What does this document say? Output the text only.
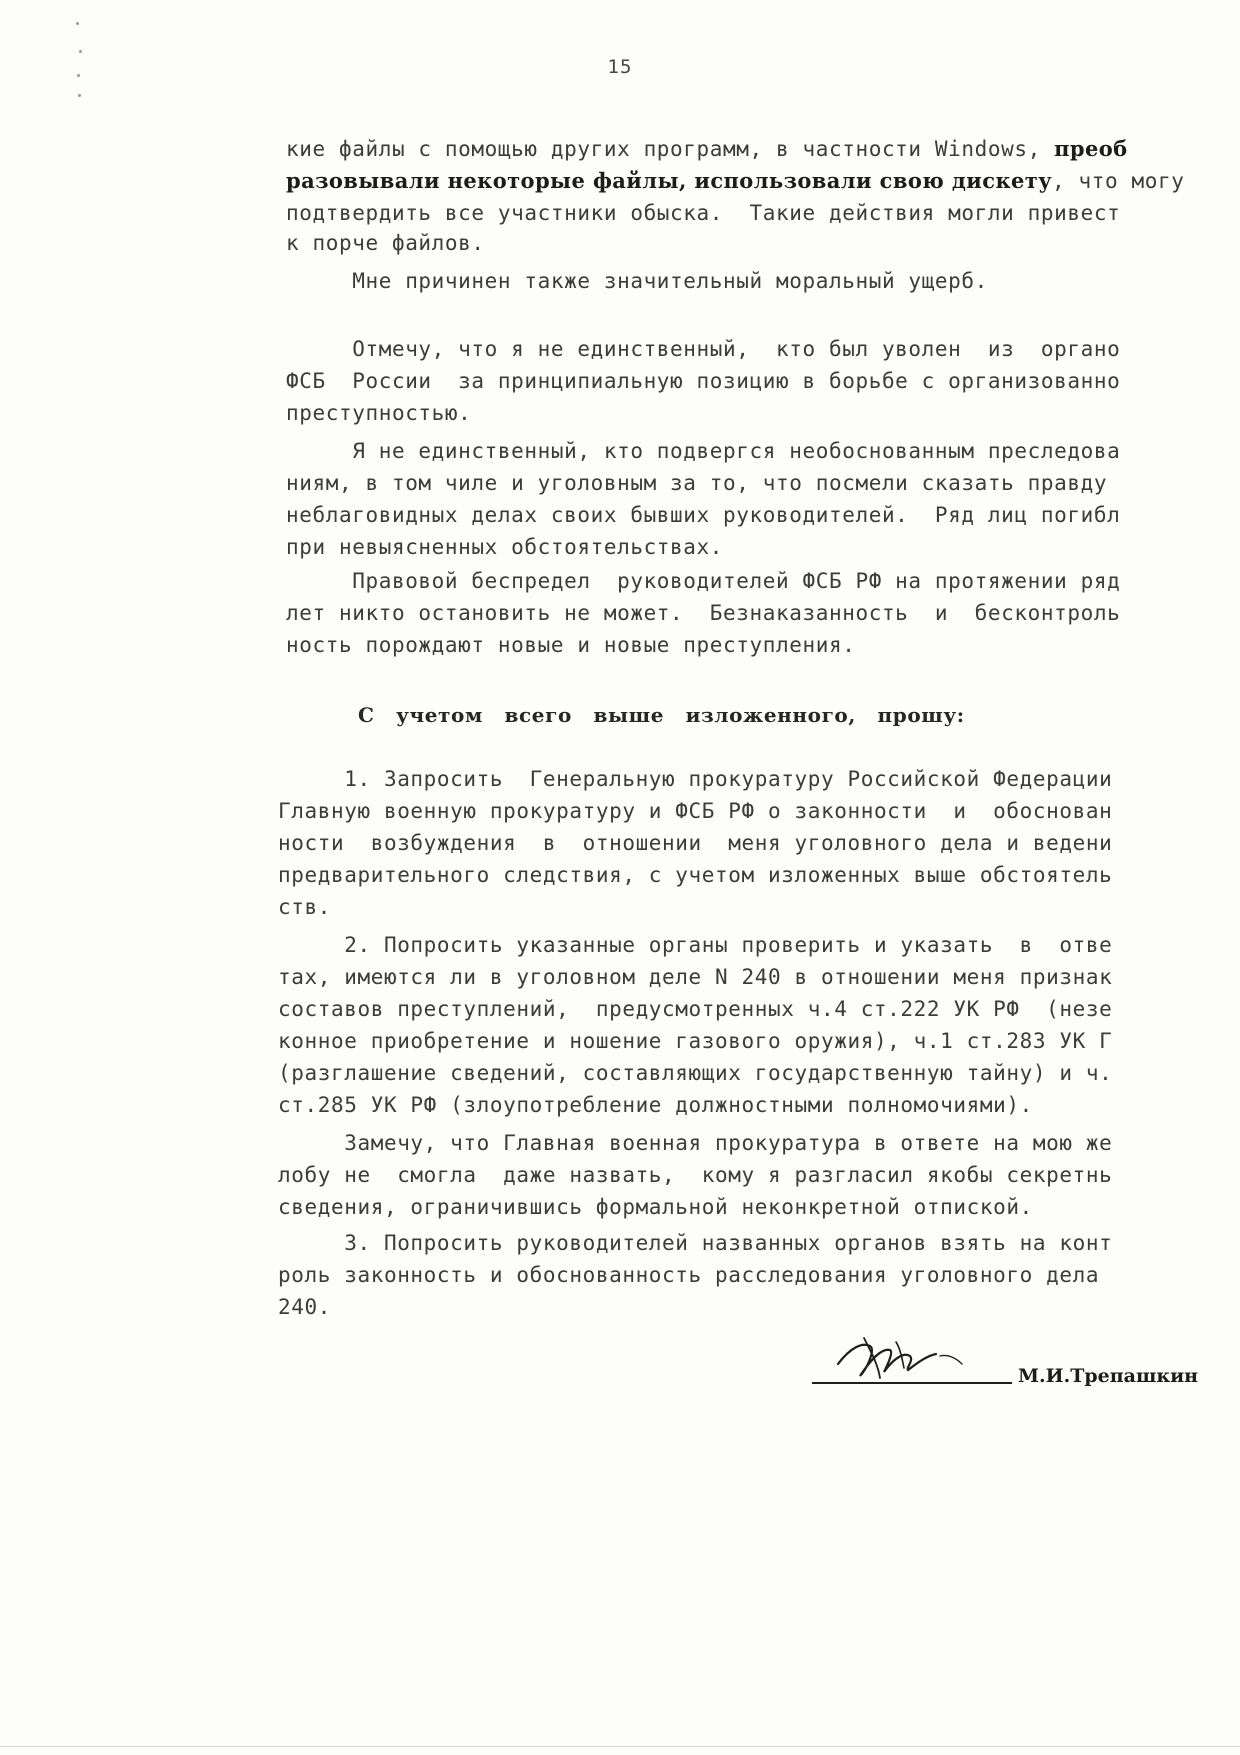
15
кие файлы с помощью других программ, в частности Windows, преоб
разовывали некоторые файлы, использовали свою дискету, что могу
подтвердить все участники обыска.  Такие действия могли привест
к порче файлов.
Мне причинен также значительный моральный ущерб.
Отмечу, что я не единственный,  кто был уволен  из  органо
ФСБ  России  за принципиальную позицию в борьбе с организованно
преступностью.
Я не единственный, кто подвергся необоснованным преследова
ниям, в том чиле и уголовным за то, что посмели сказать правду
неблаговидных делах своих бывших руководителей.  Ряд лиц погибл
при невыясненных обстоятельствах.
Правовой беспредел  руководителей ФСБ РФ на протяжении ряд
лет никто остановить не может.  Безнаказанность  и  бесконтроль
ность порождают новые и новые преступления.
С учетом всего выше изложенного, прошу:
1. Запросить  Генеральную прокуратуру Российской Федерации
Главную военную прокуратуру и ФСБ РФ о законности  и  обоснован
ности  возбуждения  в  отношении  меня уголовного дела и ведени
предварительного следствия, с учетом изложенных выше обстоятель
ств.
2. Попросить указанные органы проверить и указать  в  отве
тах, имеются ли в уголовном деле N 240 в отношении меня признак
составов преступлений,  предусмотренных ч.4 ст.222 УК РФ  (незе
конное приобретение и ношение газового оружия), ч.1 ст.283 УК Г
(разглашение сведений, составляющих государственную тайну) и ч.
ст.285 УК РФ (злоупотребление должностными полномочиями).
Замечу, что Главная военная прокуратура в ответе на мою же
лобу не  смогла  даже назвать,  кому я разгласил якобы секретнь
сведения, ограничившись формальной неконкретной отпиской.
3. Попросить руководителей названных органов взять на конт
роль законность и обоснованность расследования уголовного дела
240.
М.И.Трепашкин
